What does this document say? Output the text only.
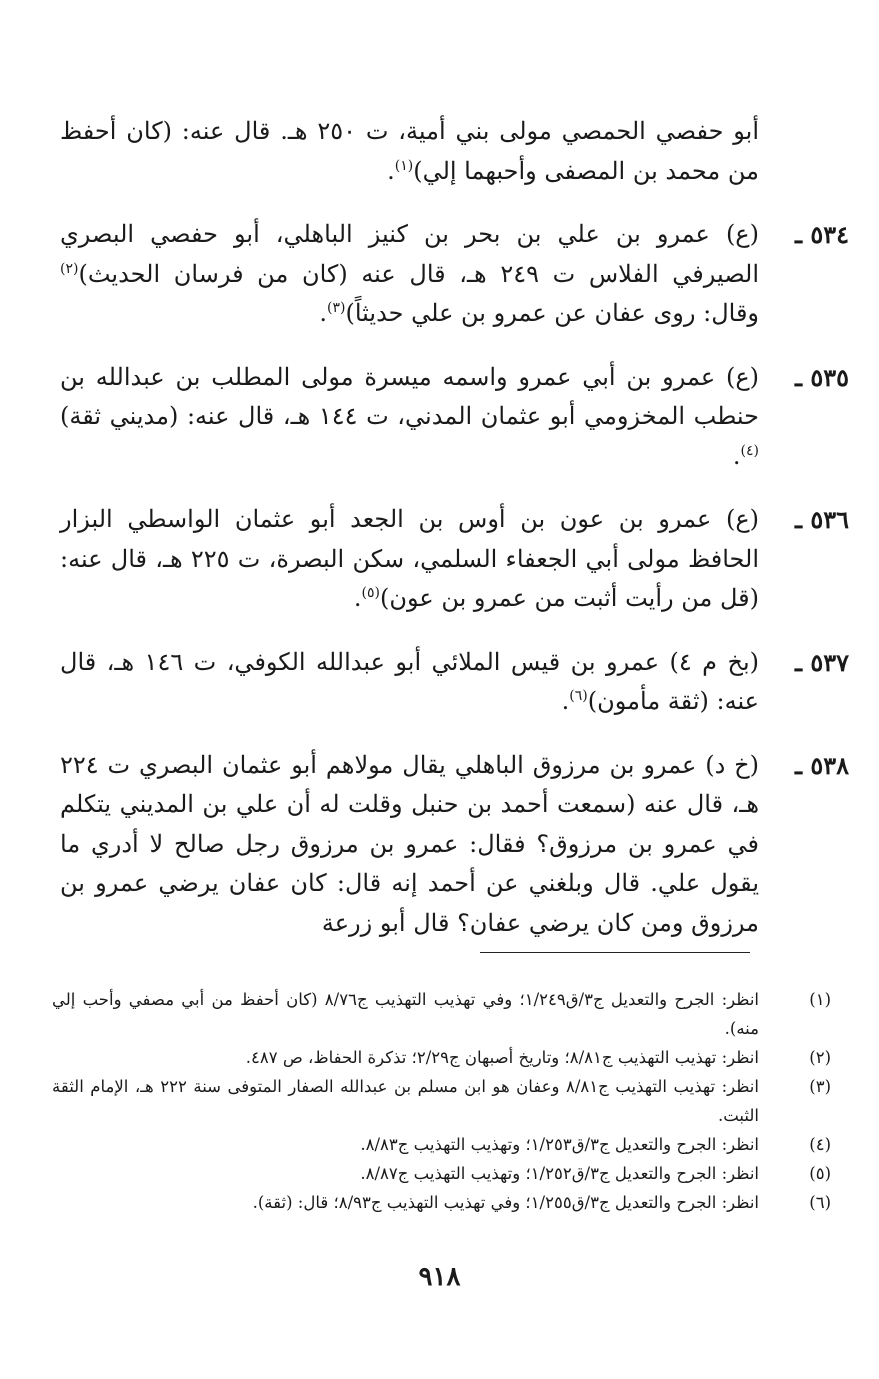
أبو حفصي الحمصي مولى بني أمية، ت ٢٥٠ هـ. قال عنه: (كان أحفظ من محمد بن المصفى وأحبهما إلي)$^{(١)}$.

٥٣٤ ـ
(ع) عمرو بن علي بن بحر بن كنيز الباهلي، أبو حفصي البصري الصيرفي الفلاس ت ٢٤٩ هـ، قال عنه (كان من فرسان الحديث)$^{(٢)}$ وقال: روى عفان عن عمرو بن علي حديثاً)$^{(٣)}$.
٥٣٥ ـ
(ع) عمرو بن أبي عمرو واسمه ميسرة مولى المطلب بن عبدالله بن حنطب المخزومي أبو عثمان المدني، ت ١٤٤ هـ، قال عنه: (مديني ثقة)$^{(٤)}$.
٥٣٦ ـ
(ع) عمرو بن عون بن أوس بن الجعد أبو عثمان الواسطي البزار الحافظ مولى أبي الجعفاء السلمي، سكن البصرة، ت ٢٢٥ هـ، قال عنه: (قل من رأيت أثبت من عمرو بن عون)$^{(٥)}$.
٥٣٧ ـ
(بخ م ٤) عمرو بن قيس الملائي أبو عبدالله الكوفي، ت ١٤٦ هـ، قال عنه: (ثقة مأمون)$^{(٦)}$.
٥٣٨ ـ
(خ د) عمرو بن مرزوق الباهلي يقال مولاهم أبو عثمان البصري ت ٢٢٤ هـ، قال عنه (سمعت أحمد بن حنبل وقلت له أن علي بن المديني يتكلم في عمرو بن مرزوق؟ فقال: عمرو بن مرزوق رجل صالح لا أدري ما يقول علي. قال وبلغني عن أحمد إنه قال: كان عفان يرضي عمرو بن مرزوق ومن كان يرضي عفان؟ قال أبو زرعة

(١)
انظر: الجرح والتعديل ج٣/ق١/٢٤٩؛ وفي تهذيب التهذيب ج٨/٧٦ (كان أحفظ من أبي مصفي وأحب إلي منه).

(٢)
انظر: تهذيب التهذيب ج٨/٨١؛ وتاريخ أصبهان ج٢/٢٩؛ تذكرة الحفاظ، ص ٤٨٧.

(٣)
انظر: تهذيب التهذيب ج٨/٨١ وعفان هو ابن مسلم بن عبدالله الصفار المتوفى سنة ٢٢٢ هـ، الإمام الثقة الثبت.

(٤)
انظر: الجرح والتعديل ج٣/ق١/٢٥٣؛ وتهذيب التهذيب ج٨/٨٣.

(٥)
انظر: الجرح والتعديل ج٣/ق١/٢٥٢؛ وتهذيب التهذيب ج٨/٨٧.

(٦)
انظر: الجرح والتعديل ج٣/ق١/٢٥٥؛ وفي تهذيب التهذيب ج٨/٩٣؛ قال: (ثقة).

٩١٨
